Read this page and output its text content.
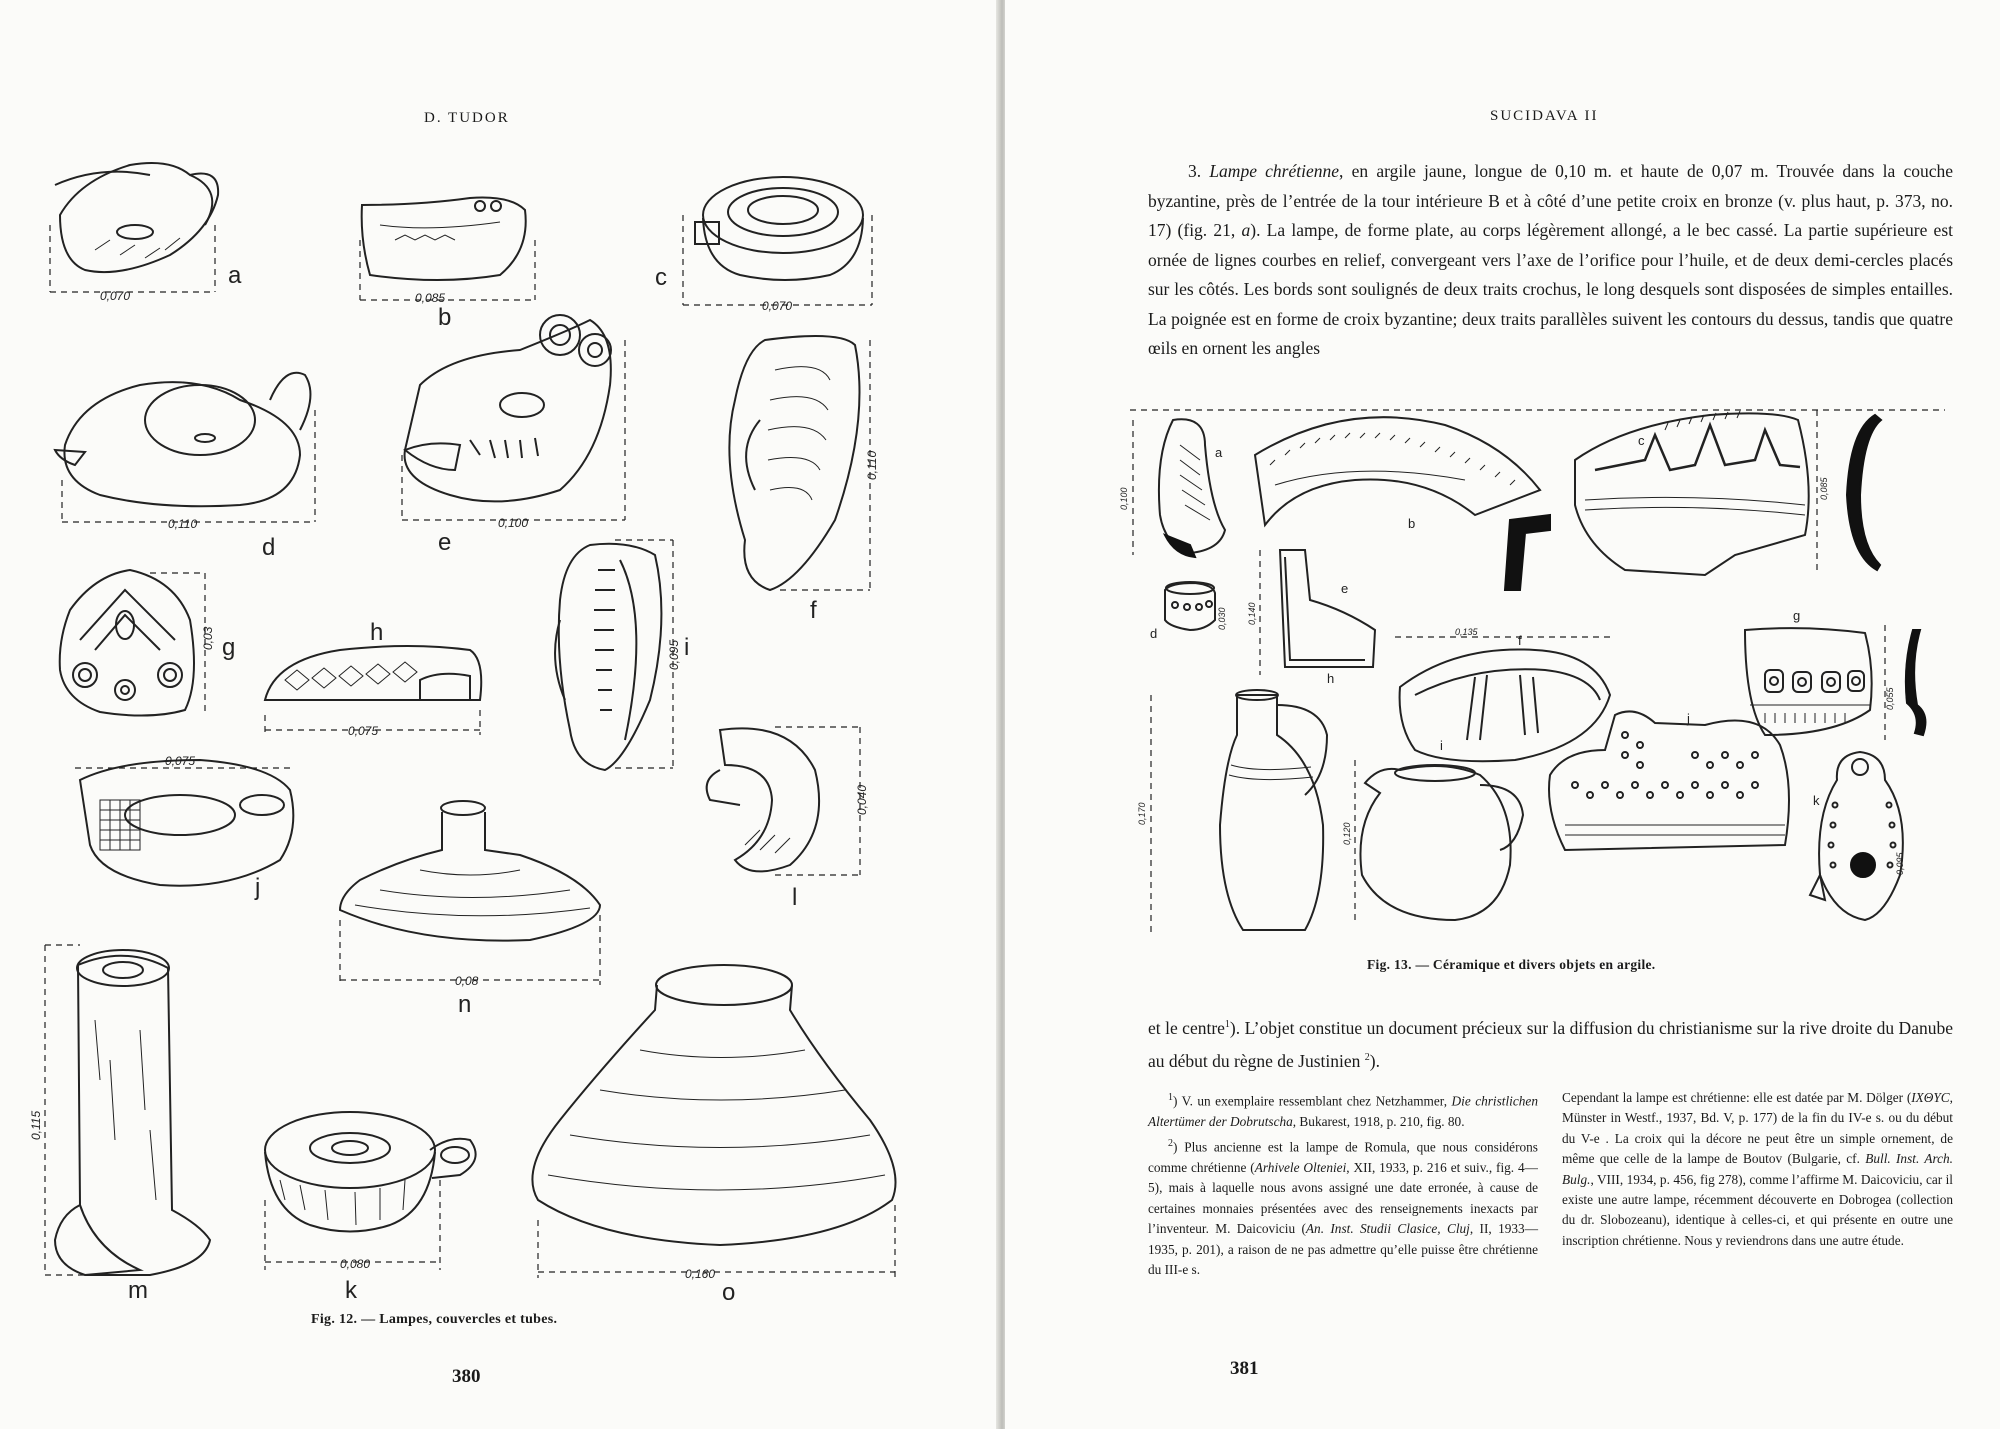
D. TUDOR
0,070
a
0,085
b	0,070
c
0,110
d
0,100
e
0,110
f
0,03 g
0,075
h
0,095 i
0,075
j
0,040
l
0,08
n
0,115
m
0,080
k
0,160
o
Fig. 12. — Lampes, couvercles et tubes.
380
SUCIDAVA II

3. Lampe chrétienne, en argile jaune, longue de 0,10 m. et haute de 0,07 m. Trouvée dans la couche byzantine, près de l’entrée de la tour intérieure B et à côté d’une petite croix en bronze (v. plus haut, p. 373, no. 17) (fig. 21, a). La lampe, de forme plate, au corps légèrement allongé, a le bec cassé. La partie supérieure est ornée de lignes courbes en relief, convergeant vers l’axe de l’orifice pour l’huile, et de deux demi-cercles placés sur les côtés. Les bords sont soulignés de deux traits crochus, le long desquels sont disposées de simples entailles. La poignée est en forme de croix byzantine; deux traits parallèles suivent les contours du dessus, tandis que quatre œils en ornent les angles

a
0,100
b
c
0,085
d
0,030
e
0,140
f
0,135
g
0,055
h
0,170
i
0,120
j
k
0,095
Fig. 13. — Céramique et divers objets en argile.

et le centre$^1$). L’objet constitue un document précieux sur la diffusion du christianisme sur la rive droite du Danube au début du règne de Justinien $^2$).

$^1$) V. un exemplaire ressemblant chez Netzhammer, Die christlichen Altertümer der Dobrutscha, Bukarest, 1918, p. 210, fig. 80.

$^2$) Plus ancienne est la lampe de Romula, que nous considérons comme chrétienne (Arhivele Olteniei, XII, 1933, p. 216 et suiv., fig. 4—5), mais à laquelle nous avons assigné une date erronée, à cause de certaines monnaies présentées avec des renseignements inexacts par l’inventeur. M. Daicoviciu (An. Inst. Studii Clasice, Cluj, II, 1933—1935, p. 201), a raison de ne pas admettre qu’elle puisse être chrétienne du III-e s.

Cependant la lampe est chrétienne: elle est datée par M. Dölger (IXΘYC, Münster in Westf., 1937, Bd. V, p. 177) de la fin du IV-e s. ou du début du V-e . La croix qui la décore ne peut être un simple ornement, de même que celle de la lampe de Boutov (Bulgarie, cf. Bull. Inst. Arch. Bulg., VIII, 1934, p. 456, fig 278), comme l’affirme M. Daicoviciu, car il existe une autre lampe, récemment découverte en Dobrogea (collection du dr. Slobozeanu), identique à celles-ci, et qui présente en outre une inscription chrétienne. Nous y reviendrons dans une autre étude.

381
